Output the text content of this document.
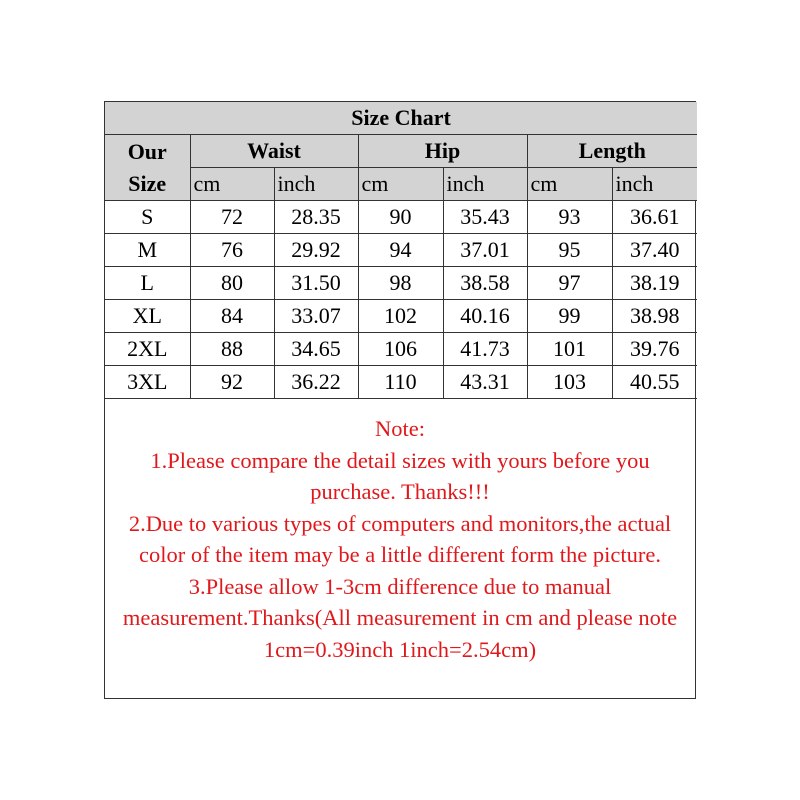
Size Chart						

Our
Size	Waist		Hip		Length	
	cm	inch	cm	inch	cm	inch
S	72	28.35	90	35.43	93	36.61
M	76	29.92	94	37.01	95	37.40
L	80	31.50	98	38.58	97	38.19
XL	84	33.07	102	40.16	99	38.98
2XL	88	34.65	106	41.73	101	39.76
3XL	92	36.22	110	43.31	103	40.55

Note:

1.Please compare the detail sizes with yours before you purchase. Thanks!!!

2.Due to various types of computers and monitors,the actual color of the item may be a little different form the picture.

3.Please allow 1-3cm difference due to manual measurement.Thanks(All measurement in cm and please note 1cm=0.39inch 1inch=2.54cm)
